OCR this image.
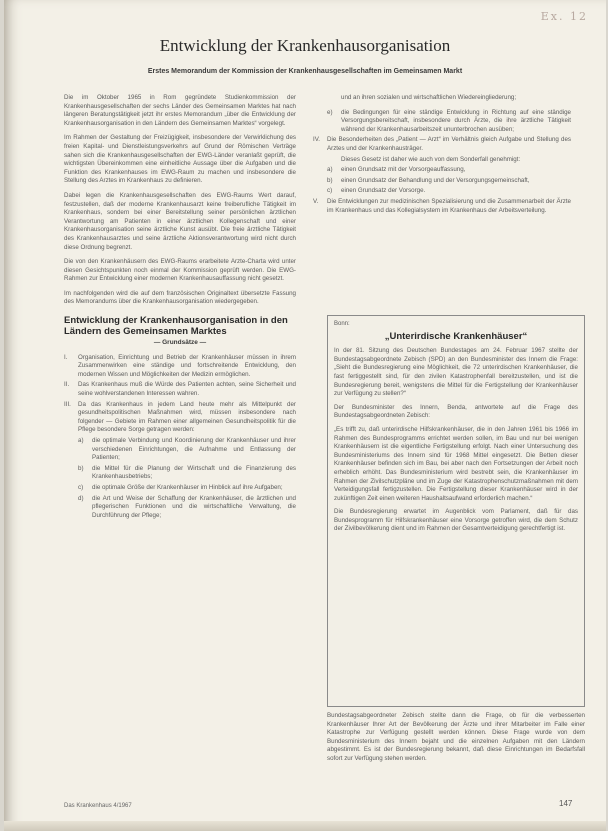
Ex. 12
Entwicklung der Krankenhausorganisation
Erstes Memorandum der Kommission der Krankenhausgesellschaften im Gemeinsamen Markt

Die im Oktober 1965 in Rom gegründete Studienkommission der Krankenhausgesellschaften der sechs Länder des Gemeinsamen Marktes hat nach längeren Beratungstätigkeit jetzt ihr erstes Memorandum „über die Entwicklung der Krankenhausorganisation in den Ländern des Gemeinsamen Marktes“ vorgelegt.

Im Rahmen der Gestaltung der Freizügigkeit, insbesondere der Verwirklichung des freien Kapital- und Dienstleistungsverkehrs auf Grund der Römischen Verträge sahen sich die Krankenhausgesellschaften der EWG-Länder veranlaßt geprüft, die wichtigsten Übereinkommen eine einheitliche Aussage über die Aufgaben und die Funktion des Krankenhauses im EWG-Raum zu machen und insbesondere die Stellung des Arztes im Krankenhaus zu definieren.

Dabei legen die Krankenhausgesellschaften des EWG-Raums Wert darauf, festzustellen, daß der moderne Krankenhausarzt keine freiberufliche Tätigkeit im Krankenhaus, sondern bei einer Bereitstellung seiner persönlichen ärztlichen Verantwortung am Patienten in einer ärztlichen Kollegenschaft und einer Krankenhausorganisation seine ärztliche Kunst ausübt. Die freie ärztliche Tätigkeit des Krankenhausarztes und seine ärztliche Aktionsverantwortung wird nicht durch diese Ordnung begrenzt.

Die von den Krankenhäusern des EWG-Raums erarbeitete Arzte-Charta wird unter diesen Gesichtspunkten noch einmal der Kommission geprüft werden. Die EWG-Rahmen zur Entwicklung einer modernen Krankenhausauffassung nicht gesetzt.

Im nachfolgenden wird die auf dem französischen Originaltext übersetzte Fassung des Memorandums über die Krankenhausorganisation wiedergegeben.

Entwicklung der Krankenhausorganisation in den Ländern des Gemeinsamen Marktes
— Grundsätze —
I.	Organisation, Einrichtung und Betrieb der Krankenhäuser müssen in ihrem Zusammenwirken eine ständige und fortschreitende Entwicklung, den modernen Wissen und Möglichkeiten der Medizin ermöglichen.
II.	Das Krankenhaus muß die Würde des Patienten achten, seine Sicherheit und seine wohlverstandenen Interessen wahren.
III.	Da das Krankenhaus in jedem Land heute mehr als Mittelpunkt der gesundheitspolitischen Maßnahmen wird, müssen insbesondere nach folgender — Gebiete im Rahmen einer allgemeinen Gesundheitspolitik für die Pflege besondere Sorge getragen werden:
a)	die optimale Verbindung und Koordinierung der Krankenhäuser und ihrer verschiedenen Einrichtungen, die Aufnahme und Entlassung der Patienten;
b)	die Mittel für die Planung der Wirtschaft und die Finanzierung des Krankenhausbetriebs;
c)	die optimale Größe der Krankenhäuser im Hinblick auf ihre Aufgaben;
d)	die Art und Weise der Schaffung der Krankenhäuser, die ärztlichen und pflegerischen Funktionen und die wirtschaftliche Verwaltung, die Durchführung der Pflege;

und an ihren sozialen und wirtschaftlichen Wiedereingliederung;

e)	die Bedingungen für eine ständige Entwicklung in Richtung auf eine ständige Versorgungsbereitschaft, insbesondere durch Ärzte, die ihre ärztliche Tätigkeit während der Krankenhausarbeitszeit ununterbrochen ausüben;
IV.	Die Besonderheiten des „Patient — Arzt“ im Verhältnis gleich Aufgabe und Stellung des Arztes und der Krankenhausträger.
Dieses Gesetz ist daher wie auch von dem Sonderfall genehmigt:
a)	einen Grundsatz mit der Vorsorgeauffassung,
b)	einen Grundsatz der Behandlung und der Versorgungsgemeinschaft,
c)	einen Grundsatz der Vorsorge.
V.	Die Entwicklungen zur medizinischen Spezialisierung und die Zusammenarbeit der Ärzte im Krankenhaus und das Kollegialsystem im Krankenhaus der Arbeitsverteilung.
Bonn:
„Unterirdische Krankenhäuser“

In der 81. Sitzung des Deutschen Bundestages am 24. Februar 1967 stellte der Bundestagsabgeordnete Zebisch (SPD) an den Bundesminister des Innern die Frage: „Sieht die Bundesregierung eine Möglichkeit, die 72 unterirdischen Krankenhäuser, die fast fertiggestellt sind, für den zivilen Katastrophenfall bereitzustellen, und ist die Bundesregierung bereit, wenigstens die Mittel für die Fertigstellung der Krankenhäuser zur Verfügung zu stellen?“

Der Bundesminister des Innern, Benda, antwortete auf die Frage des Bundestagsabgeordneten Zebisch:

„Es trifft zu, daß unterirdische Hilfskrankenhäuser, die in den Jahren 1961 bis 1966 im Rahmen des Bundesprogramms errichtet werden sollen, im Bau und nur bei wenigen Krankenhäusern ist die eigentliche Fertigstellung erfolgt. Nach einer Untersuchung des Bundesministeriums des Innern sind für 1968 Mittel eingesetzt. Die Betten dieser Krankenhäuser befinden sich im Bau, bei aber nach den Fortsetzungen der Arbeit noch erheblich erhöht. Das Bundesministerium wird bestrebt sein, die Krankenhäuser im Rahmen der Zivilschutzpläne und im Zuge der Katastrophenschutzmaßnahmen mit dem Verteidigungsfall fertigzustellen. Die Fertigstellung dieser Krankenhäuser wird in der zukünftigen Zeit einen weiteren Haushaltsaufwand erforderlich machen.“

Die Bundesregierung erwartet im Augenblick vom Parlament, daß für das Bundesprogramm für Hilfskrankenhäuser eine Vorsorge getroffen wird, die dem Schutz der Zivilbevölkerung dient und im Rahmen der Gesamtverteidigung gerechtfertigt ist.

Bundestagsabgeordneter Zebisch stellte dann die Frage, ob für die verbesserten Krankenhäuser Ihrer Art der Bevölkerung der Ärzte und ihrer Mitarbeiter im Falle einer Katastrophe zur Verfügung gestellt werden können. Diese Frage wurde von dem Bundesministerium des Innern bejaht und die einzelnen Aufgaben mit den Ländern abgestimmt. Es ist der Bundesregierung bekannt, daß diese Einrichtungen im Bedarfsfall sofort zur Verfügung stehen werden.
Das Krankenhaus 4/1967	147
